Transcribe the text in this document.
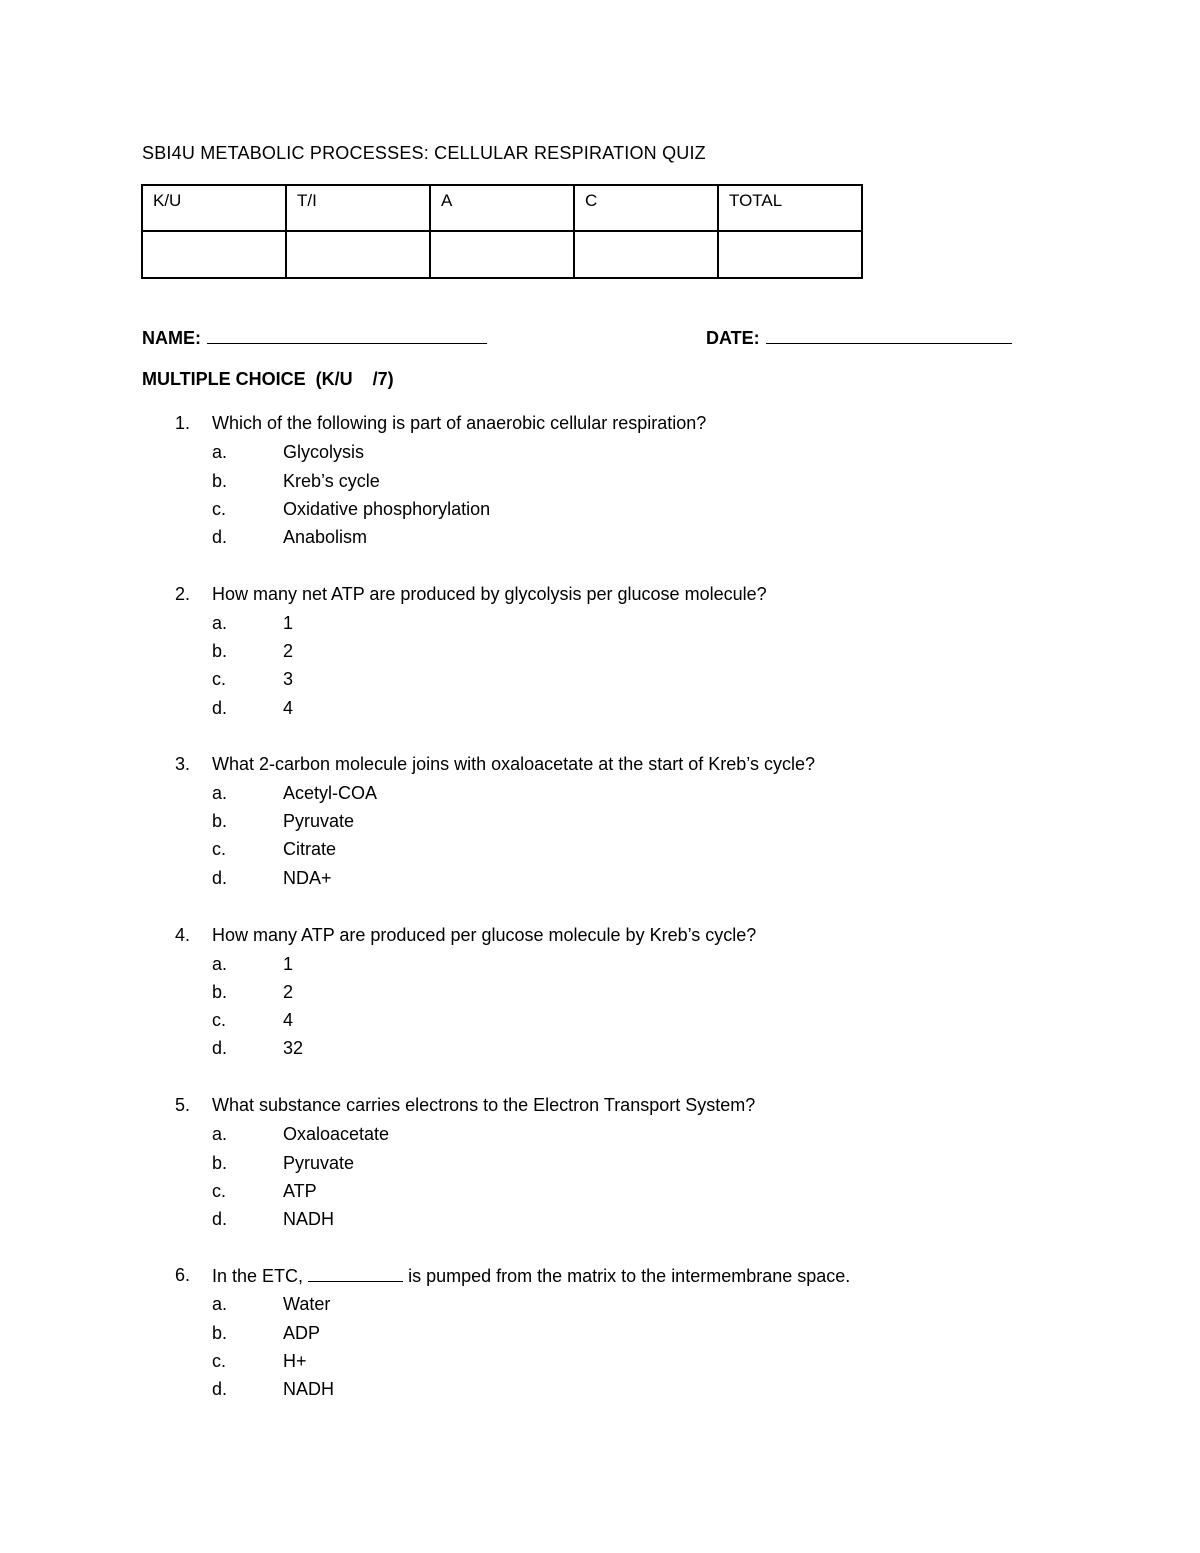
SBI4U METABOLIC PROCESSES: CELLULAR RESPIRATION QUIZ
K/U	T/I	A	C	TOTAL

NAME:	DATE:
MULTIPLE CHOICE  (K/U    /7)
1. Which of the following is part of anaerobic cellular respiration?
a.	Glycolysis
b.	Kreb’s cycle
c.	Oxidative phosphorylation
d.	Anabolism
2. How many net ATP are produced by glycolysis per glucose molecule?
a.	1
b.	2
c.	3
d.	4
3. What 2-carbon molecule joins with oxaloacetate at the start of Kreb’s cycle?
a.	Acetyl-COA
b.	Pyruvate
c.	Citrate
d.	NDA+
4. How many ATP are produced per glucose molecule by Kreb’s cycle?
a.	1
b.	2
c.	4
d.	32
5. What substance carries electrons to the Electron Transport System?
a.	Oxaloacetate
b.	Pyruvate
c.	ATP
d.	NADH
6. In the ETC,	is pumped from the matrix to the intermembrane space.
a.	Water
b.	ADP
c.	H+
d.	NADH
